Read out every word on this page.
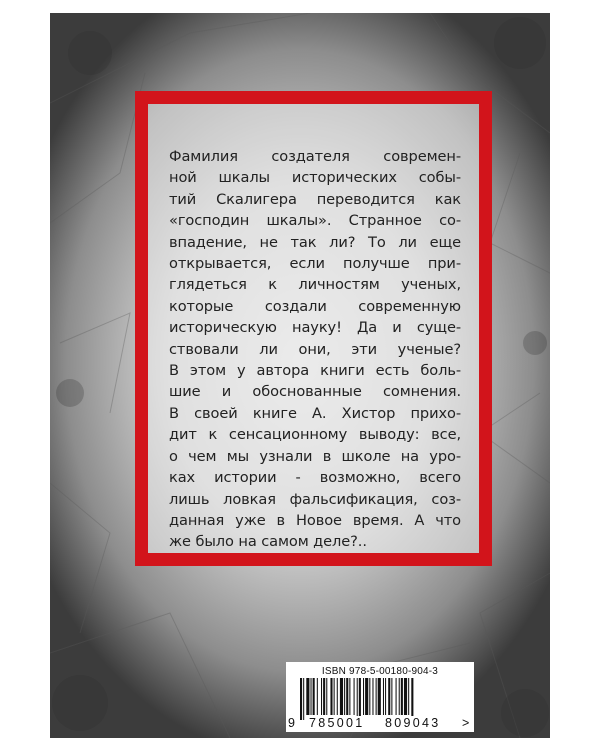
Фамилия создателя современ-
ной шкалы исторических собы-
тий Скалигера переводится как
«господин шкалы». Странное со-
впадение, не так ли? То ли еще
открывается, если получше при-
глядеться к личностям ученых,
которые создали современную
историческую науку! Да и суще-
ствовали ли они, эти ученые?
В этом у автора книги есть боль-
шие и обоснованные сомнения.
В своей книге А. Хистор прихо-
дит к сенсационному выводу: все,
о чем мы узнали в школе на уро-
ках истории - возможно, всего
лишь ловкая фальсификация, соз-
данная уже в Новое время. А что
же было на самом деле?..
ISBN 978-5-00180-904-3
9 785001 809043 >
